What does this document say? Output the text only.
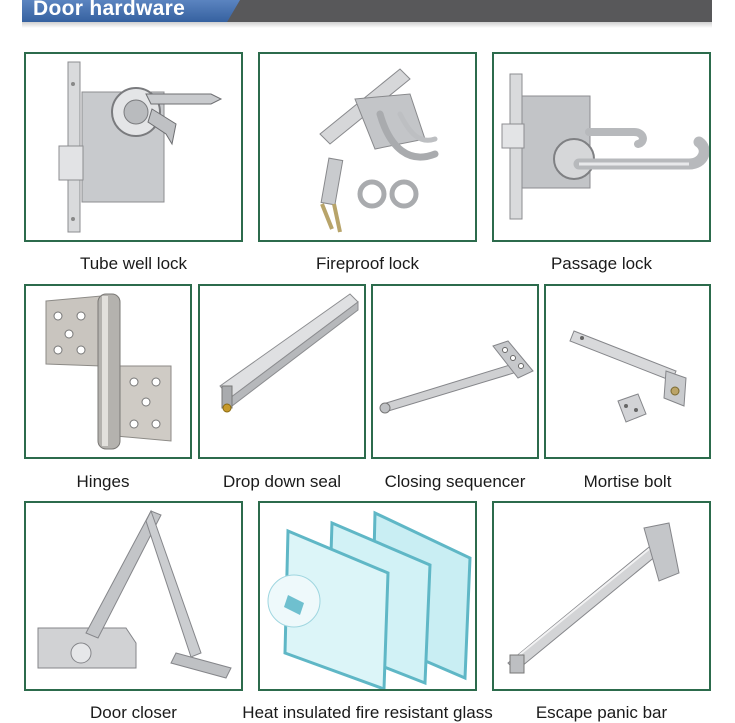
Door hardware
Tube well lock	Fireproof lock	Passage lock
Hinges	Drop down seal	Closing sequencer	Mortise bolt
Door closer	Heat insulated fire resistant glass	Escape panic bar
